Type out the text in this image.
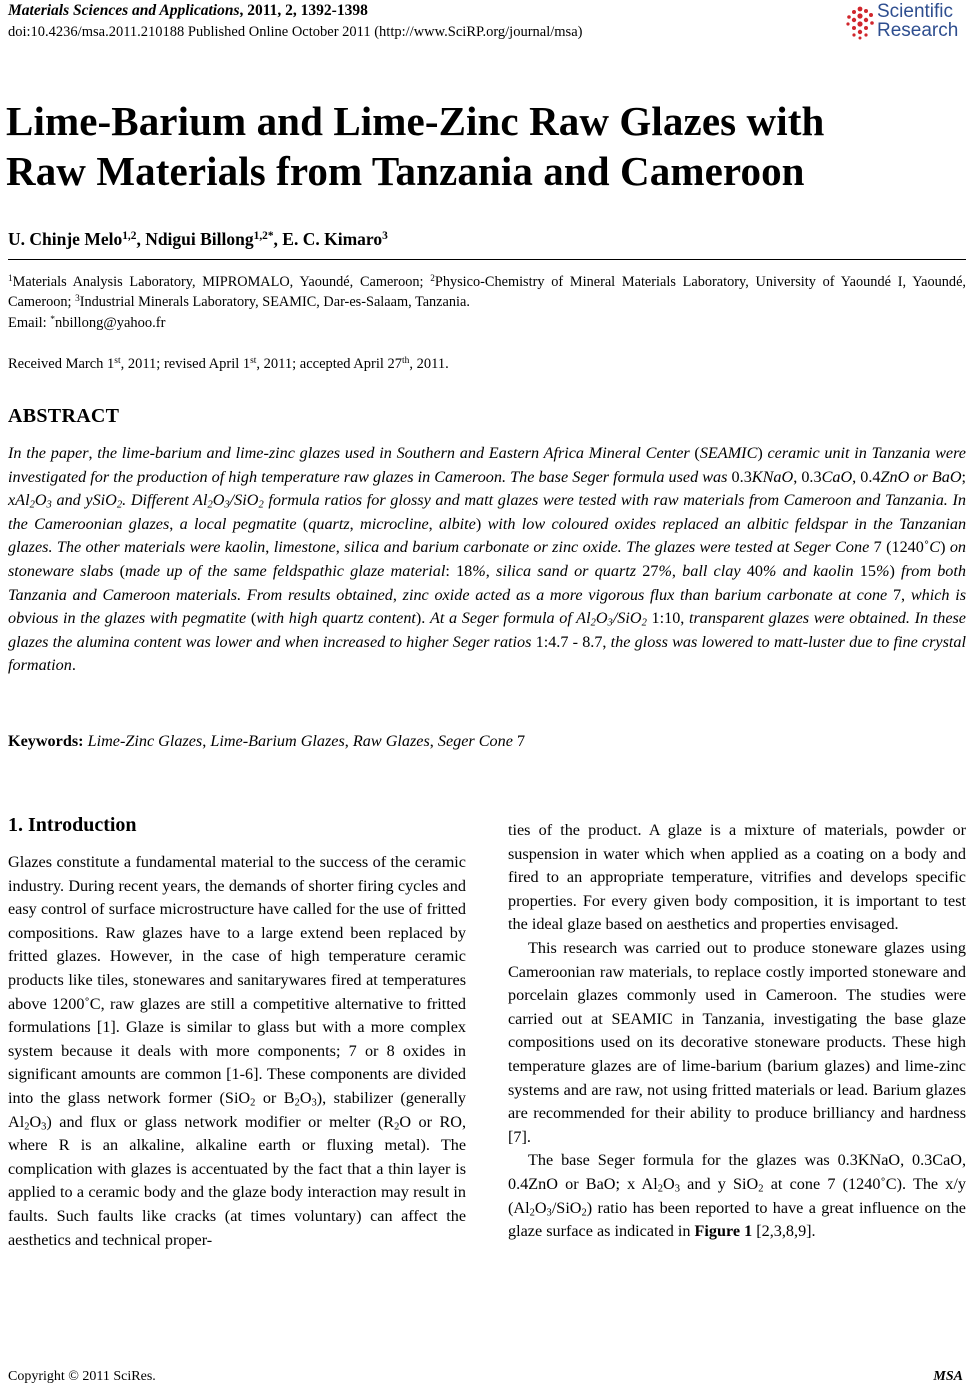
Materials Sciences and Applications, 2011, 2, 1392-1398
doi:10.4236/msa.2011.210188 Published Online October 2011 (http://www.SciRP.org/journal/msa)
Scientific
Research
Lime-Barium and Lime-Zinc Raw Glazes with
Raw Materials from Tanzania and Cameroon
U. Chinje Melo$^{1,2}$, Ndigui Billong$^{1,2*}$, E. C. Kimaro$^3$
$^1$Materials Analysis Laboratory, MIPROMALO, Yaoundé, Cameroon; $^2$Physico-Chemistry of Mineral Materials Laboratory, University of Yaoundé I, Yaoundé, Cameroon; $^3$Industrial Minerals Laboratory, SEAMIC, Dar-es-Salaam, Tanzania.
Email: *nbillong@yahoo.fr
Received March 1st, 2011; revised April 1st, 2011; accepted April 27th, 2011.
ABSTRACT

In the paper, the lime-barium and lime-zinc glazes used in Southern and Eastern Africa Mineral Center (SEAMIC) ceramic unit in Tanzania were investigated for the production of high temperature raw glazes in Cameroon. The base Seger formula used was 0.3KNaO, 0.3CaO, 0.4ZnO or BaO; $xAl_2O_3$ and ySiO$_2$. Different $Al_2O_3/SiO_2$ formula ratios for glossy and matt glazes were tested with raw materials from Cameroon and Tanzania. In the Cameroonian glazes, a local pegmatite (quartz, microcline, albite) with low coloured oxides replaced an albitic feldspar in the Tanzanian glazes. The other materials were kaolin, limestone, silica and barium carbonate or zinc oxide. The glazes were tested at Seger Cone 7 (1240˚C) on stoneware slabs (made up of the same feldspathic glaze material: 18%, silica sand or quartz 27%, ball clay 40% and kaolin 15%) from both Tanzania and Cameroon materials. From results obtained, zinc oxide acted as a more vigorous flux than barium carbonate at cone 7, which is obvious in the glazes with pegmatite (with high quartz content). At a Seger formula of $Al_2O_3/SiO_2$ 1:10, transparent glazes were obtained. In these glazes the alumina content was lower and when increased to higher Seger ratios 1:4.7 - 8.7, the gloss was lowered to matt-luster due to fine crystal formation.

Keywords: Lime-Zinc Glazes, Lime-Barium Glazes, Raw Glazes, Seger Cone 7
1. Introduction

Glazes constitute a fundamental material to the success of the ceramic industry. During recent years, the demands of shorter firing cycles and easy control of surface microstructure have called for the use of fritted compositions. Raw glazes have to a large extend been replaced by fritted glazes. However, in the case of high temperature ceramic products like tiles, stonewares and sanitarywares fired at temperatures above 1200˚C, raw glazes are still a competitive alternative to fritted formulations [1]. Glaze is similar to glass but with a more complex system because it deals with more components; 7 or 8 oxides in significant amounts are common [1-6]. These components are divided into the glass network former (SiO$_2$ or $B_2O_3$), stabilizer (generally $Al_2O_3$) and flux or glass network modifier or melter ($R_2O$ or RO, where R is an alkaline, alkaline earth or fluxing metal). The complication with glazes is accentuated by the fact that a thin layer is applied to a ceramic body and the glaze body interaction may result in faults. Such faults like cracks (at times voluntary) can affect the aesthetics and technical proper-

ties of the product. A glaze is a mixture of materials, powder or suspension in water which when applied as a coating on a body and fired to an appropriate temperature, vitrifies and develops specific properties. For every given body composition, it is important to test the ideal glaze based on aesthetics and properties envisaged.

This research was carried out to produce stoneware glazes using Cameroonian raw materials, to replace costly imported stoneware and porcelain glazes commonly used in Cameroon. The studies were carried out at SEAMIC in Tanzania, investigating the base glaze compositions used on its decorative stoneware products. These high temperature glazes are of lime-barium (barium glazes) and lime-zinc systems and are raw, not using fritted materials or lead. Barium glazes are recommended for their ability to produce brilliancy and hardness [7].

The base Seger formula for the glazes was 0.3KNaO, 0.3CaO, 0.4ZnO or BaO; x $Al_2O_3$ and y SiO$_2$ at cone 7 (1240˚C). The x/y $(Al_2O_3/SiO_2)$ ratio has been reported to have a great influence on the glaze surface as indicated in Figure 1 [2,3,8,9].

Copyright © 2011 SciRes.	MSA
